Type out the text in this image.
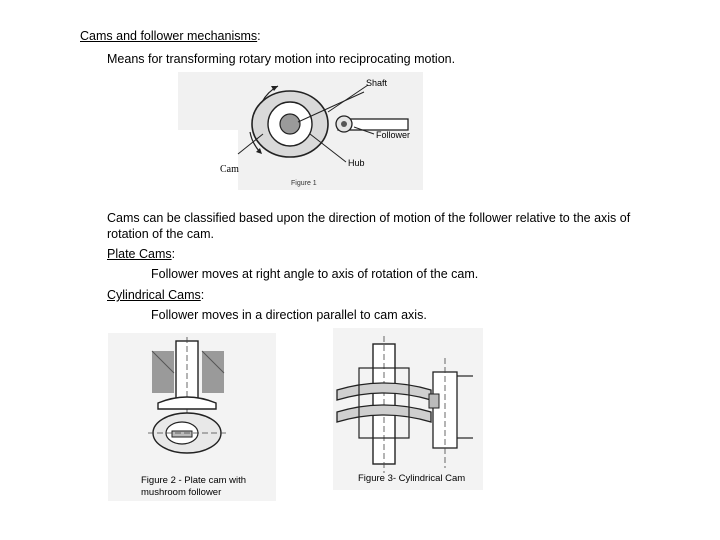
Cams and follower mechanisms:
Means for transforming rotary motion into reciprocating motion.
Shaft
Follower
Cam
Hub
Figure 1
Cams can be classified based upon the direction of motion of the follower relative to the axis of rotation of the cam.
Plate Cams:
Follower moves at right angle to axis of rotation of the cam.
Cylindrical Cams:
Follower moves in a direction parallel to cam axis.
Figure 2 - Plate cam with
mushroom follower
Figure 3- Cylindrical Cam
